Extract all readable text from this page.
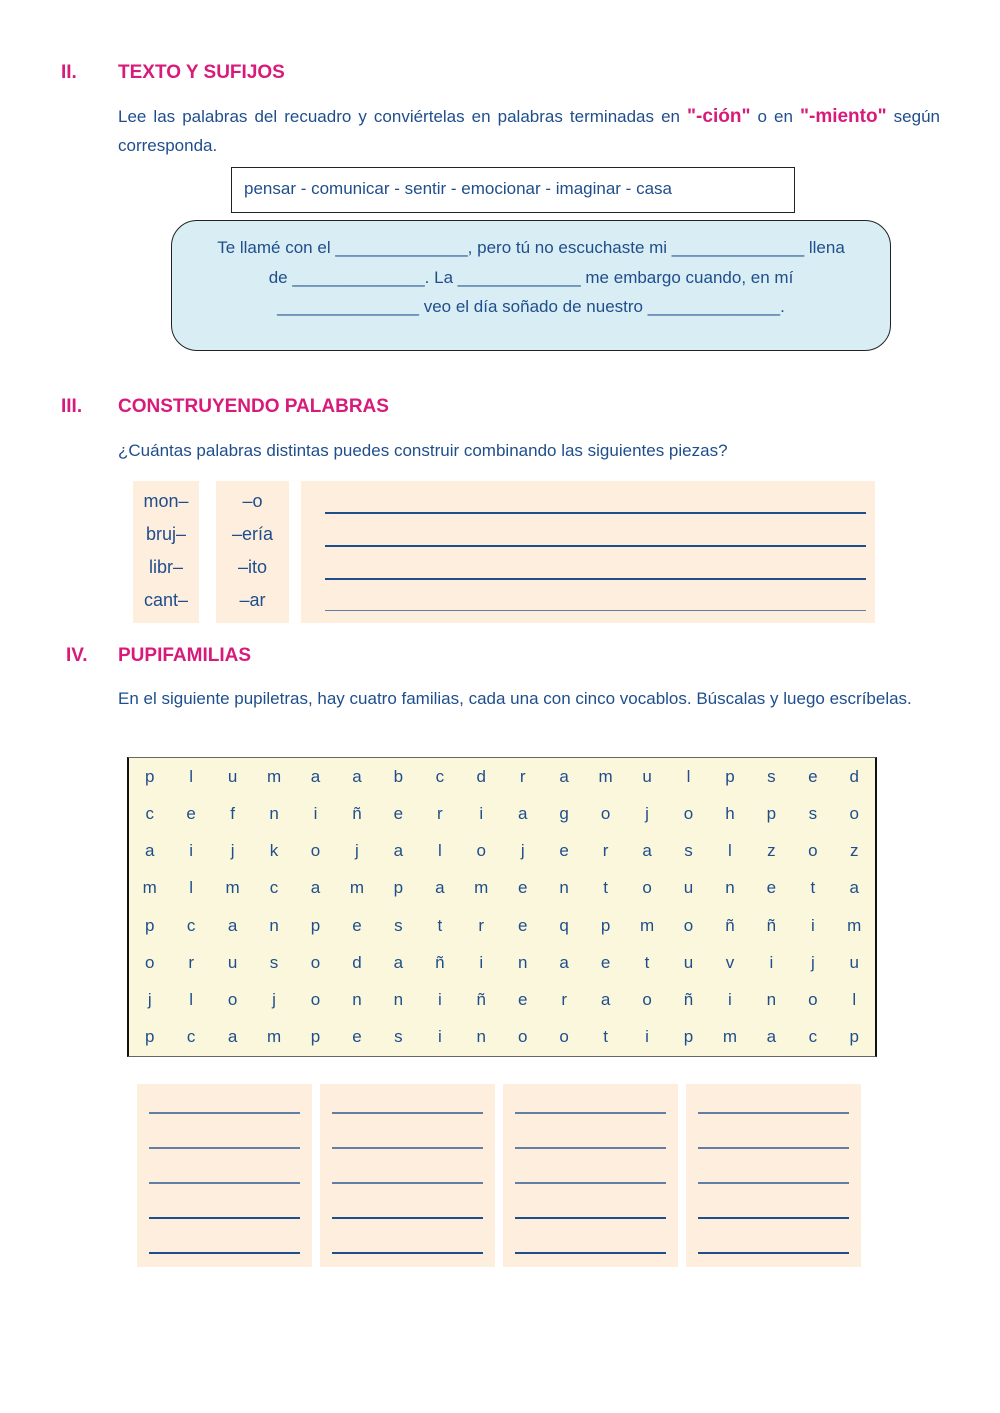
II. TEXTO Y SUFIJOS
Lee las palabras del recuadro y conviértelas en palabras terminadas en "-ción" o en "-miento" según corresponda.
pensar - comunicar - sentir - emocionar - imaginar - casa
Te llamé con el ______________, pero tú no escuchaste mi ______________ llena
de ______________. La _____________ me embargo cuando, en mí
_______________ veo el día soñado de nuestro ______________.
III. CONSTRUYENDO PALABRAS
¿Cuántas palabras distintas puedes construir combinando las siguientes piezas?
mon–
bruj–
libr–
cant–
–o
–ería
–ito
–ar
IV. PUPIFAMILIAS
En el siguiente pupiletras, hay cuatro familias, cada una con cinco vocablos. Búscalas y luego escríbelas.
p	l	u	m	a	a	b	c	d	r	a	m	u	l	p	s	e	d
c	e	f	n	i	ñ	e	r	i	a	g	o	j	o	h	p	s	o
a	i	j	k	o	j	a	l	o	j	e	r	a	s	l	z	o	z
m	l	m	c	a	m	p	a	m	e	n	t	o	u	n	e	t	a
p	c	a	n	p	e	s	t	r	e	q	p	m	o	ñ	ñ	i	m
o	r	u	s	o	d	a	ñ	i	n	a	e	t	u	v	i	j	u
j	l	o	j	o	n	n	i	ñ	e	r	a	o	ñ	i	n	o	l
p	c	a	m	p	e	s	i	n	o	o	t	i	p	m	a	c	p
